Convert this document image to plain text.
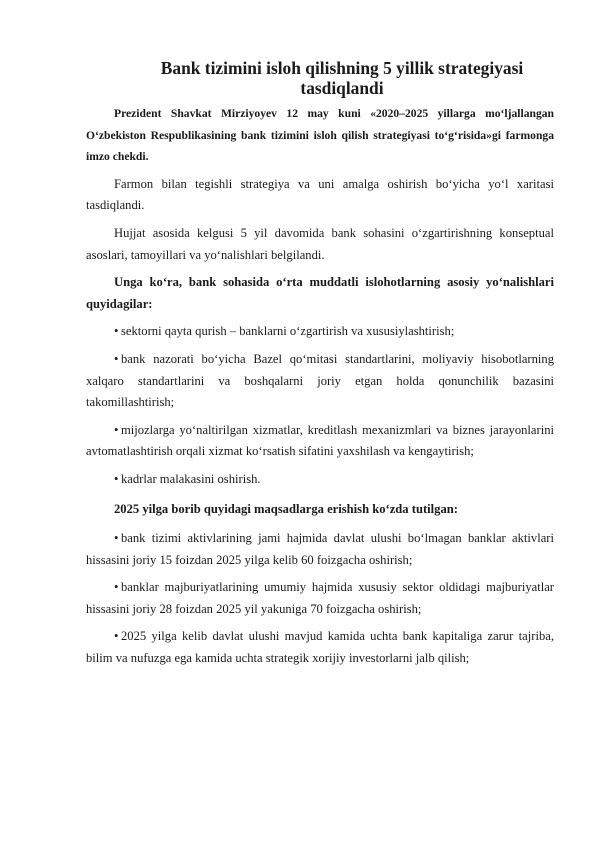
Bank tizimini isloh qilishning 5 yillik strategiyasi
tasdiqlandi

Prezident Shavkat Mirziyoyev 12 may kuni «2020–2025 yillarga mo‘ljallangan O‘zbekiston Respublikasining bank tizimini isloh qilish strategiyasi to‘g‘risida»gi farmonga imzo chekdi.

Farmon bilan tegishli strategiya va uni amalga oshirish bo‘yicha yo‘l xaritasi tasdiqlandi.

Hujjat asosida kelgusi 5 yil davomida bank sohasini o‘zgartirishning konseptual asoslari, tamoyillari va yo‘nalishlari belgilandi.

Unga ko‘ra, bank sohasida o‘rta muddatli islohotlarning asosiy yo‘nalishlari quyidagilar:

• sektorni qayta qurish – banklarni o‘zgartirish va xususiylashtirish;

• bank nazorati bo‘yicha Bazel qo‘mitasi standartlarini, moliyaviy hisobotlarning xalqaro standartlarini va boshqalarni joriy etgan holda qonunchilik bazasini takomillashtirish;

• mijozlarga yo‘naltirilgan xizmatlar, kreditlash mexanizmlari va biznes jarayonlarini avtomatlashtirish orqali xizmat ko‘rsatish sifatini yaxshilash va kengaytirish;

• kadrlar malakasini oshirish.

2025 yilga borib quyidagi maqsadlarga erishish ko‘zda tutilgan:

• bank tizimi aktivlarining jami hajmida davlat ulushi bo‘lmagan banklar aktivlari hissasini joriy 15 foizdan 2025 yilga kelib 60 foizgacha oshirish;

• banklar majburiyatlarining umumiy hajmida xususiy sektor oldidagi majburiyatlar hissasini joriy 28 foizdan 2025 yil yakuniga 70 foizgacha oshirish;

• 2025 yilga kelib davlat ulushi mavjud kamida uchta bank kapitaliga zarur tajriba, bilim va nufuzga ega kamida uchta strategik xorijiy investorlarni jalb qilish;
